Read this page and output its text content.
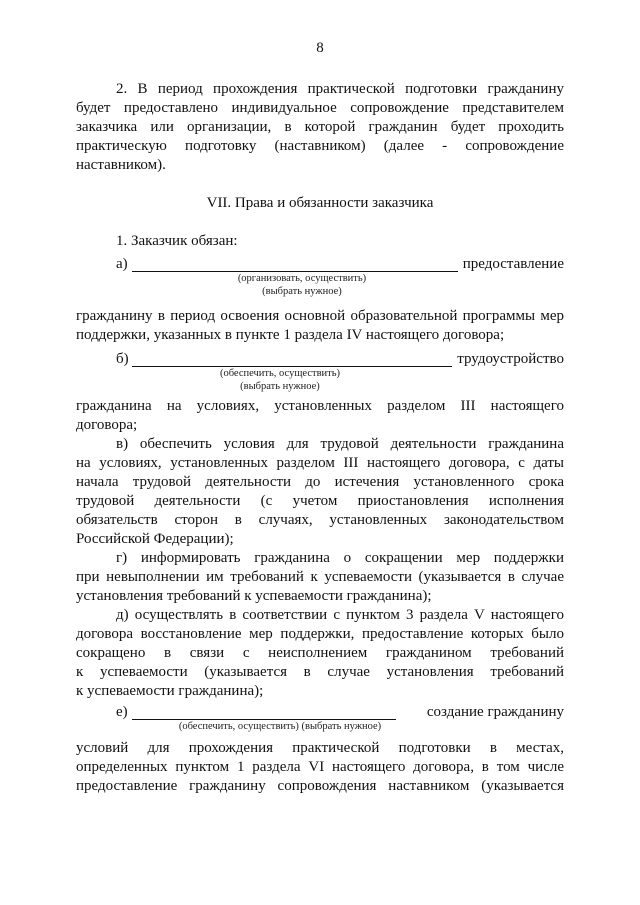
8
2. В период прохождения практической подготовки гражданину
будет предоставлено индивидуальное сопровождение представителем
заказчика или организации, в которой гражданин будет проходить
практическую подготовку (наставником) (далее - сопровождение
наставником).
VII. Права и обязанности заказчика
1. Заказчик обязан:
а)	предоставление
(организовать, осуществить)
(выбрать нужное)
гражданину в период освоения основной образовательной программы мер
поддержки, указанных в пункте 1 раздела IV настоящего договора;
б)	трудоустройство
(обеспечить, осуществить)
(выбрать нужное)
гражданина на условиях, установленных разделом III настоящего
договора;
в) обеспечить условия для трудовой деятельности гражданина
на условиях, установленных разделом III настоящего договора, с даты
начала трудовой деятельности до истечения установленного срока
трудовой деятельности (с учетом приостановления исполнения
обязательств сторон в случаях, установленных законодательством
Российской Федерации);
г) информировать гражданина о сокращении мер поддержки
при невыполнении им требований к успеваемости (указывается в случае
установления требований к успеваемости гражданина);
д) осуществлять в соответствии с пунктом 3 раздела V настоящего
договора восстановление мер поддержки, предоставление которых было
сокращено в связи с неисполнением гражданином требований
к успеваемости (указывается в случае установления требований
к успеваемости гражданина);
е)	создание гражданину
(обеспечить, осуществить) (выбрать нужное)
условий для прохождения практической подготовки в местах,
определенных пунктом 1 раздела VI настоящего договора, в том числе
предоставление гражданину сопровождения наставником (указывается
